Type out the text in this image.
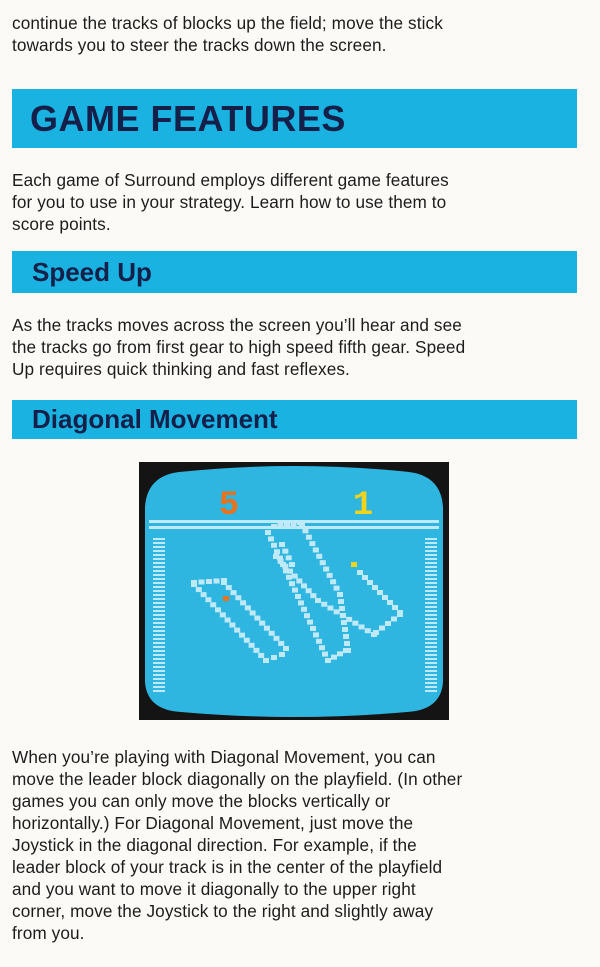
continue the tracks of blocks up the field; move the stick
towards you to steer the tracks down the screen.

GAME FEATURES

Each game of Surround employs different game features
for you to use in your strategy. Learn how to use them to
score points.

Speed Up

As the tracks moves across the screen you’ll hear and see
the tracks go from first gear to high speed fifth gear. Speed
Up requires quick thinking and fast reflexes.

Diagonal Movement
5	1

When you’re playing with Diagonal Movement, you can
move the leader block diagonally on the playfield. (In other
games you can only move the blocks vertically or
horizontally.) For Diagonal Movement, just move the
Joystick in the diagonal direction. For example, if the
leader block of your track is in the center of the playfield
and you want to move it diagonally to the upper right
corner, move the Joystick to the right and slightly away
from you.
